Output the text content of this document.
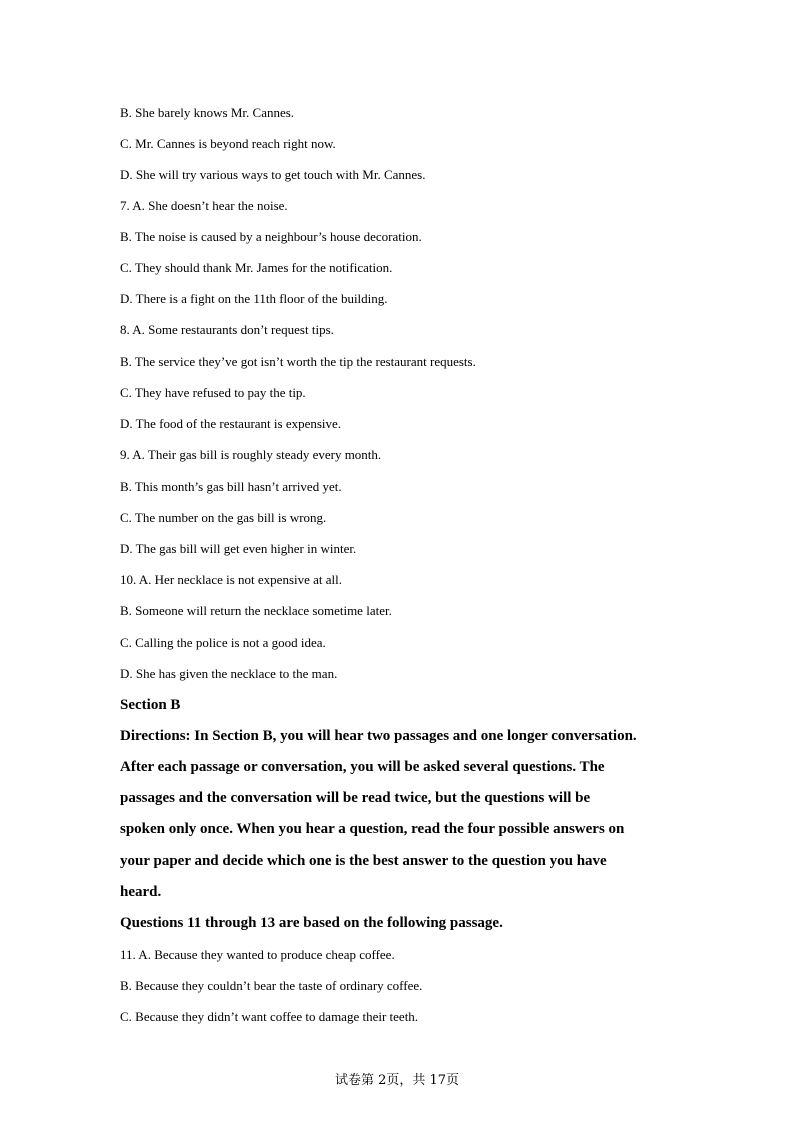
B. She barely knows Mr. Cannes.
C. Mr. Cannes is beyond reach right now.
D. She will try various ways to get touch with Mr. Cannes.
7. A. She doesn’t hear the noise.
B. The noise is caused by a neighbour’s house decoration.
C. They should thank Mr. James for the notification.
D. There is a fight on the 11th floor of the building.
8. A. Some restaurants don’t request tips.
B. The service they’ve got isn’t worth the tip the restaurant requests.
C. They have refused to pay the tip.
D. The food of the restaurant is expensive.
9. A. Their gas bill is roughly steady every month.
B. This month’s gas bill hasn’t arrived yet.
C. The number on the gas bill is wrong.
D. The gas bill will get even higher in winter.
10. A. Her necklace is not expensive at all.
B. Someone will return the necklace sometime later.
C. Calling the police is not a good idea.
D. She has given the necklace to the man.
Section B
Directions: In Section B, you will hear two passages and one longer conversation.
After each passage or conversation, you will be asked several questions. The
passages and the conversation will be read twice, but the questions will be
spoken only once. When you hear a question, read the four possible answers on
your paper and decide which one is the best answer to the question you have
heard.
Questions 11 through 13 are based on the following passage.
11. A. Because they wanted to produce cheap coffee.
B. Because they couldn’t bear the taste of ordinary coffee.
C. Because they didn’t want coffee to damage their teeth.
试卷第 2页，共 17页
